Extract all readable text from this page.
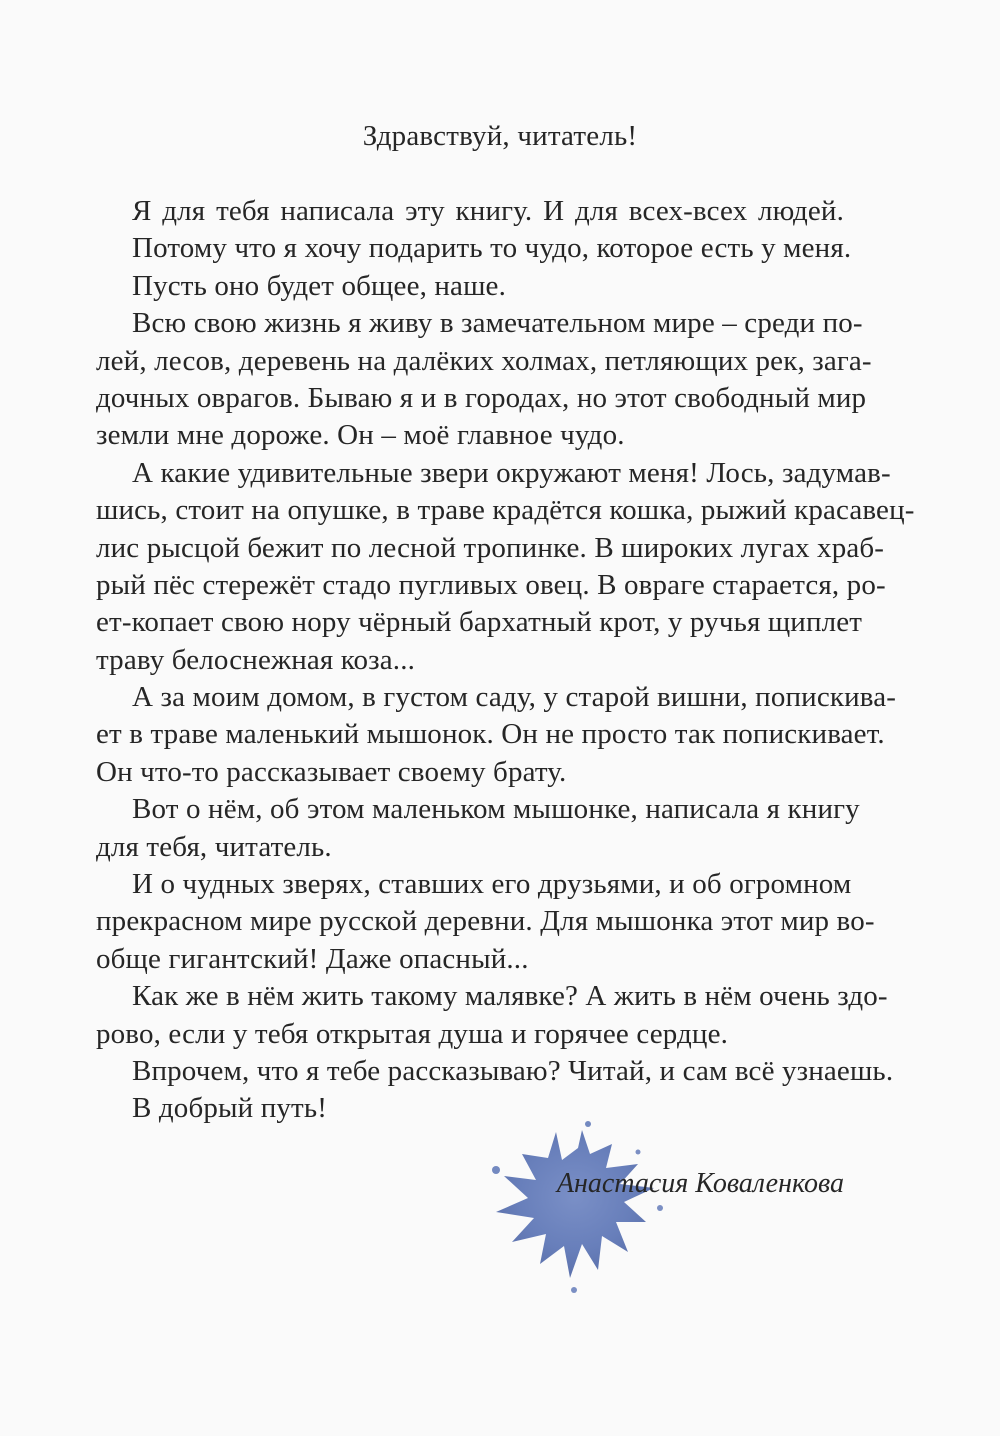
Здравствуй, читатель!
Я для тебя написала эту книгу. И для всех-всех людей.
Потому что я хочу подарить то чудо, которое есть у меня.
Пусть оно будет общее, наше.
Всю свою жизнь я живу в замечательном мире – среди по-
лей, лесов, деревень на далёких холмах, петляющих рек, зага-
дочных оврагов. Бываю я и в городах, но этот свободный мир
земли мне дороже. Он – моё главное чудо.
А какие удивительные звери окружают меня! Лось, задумав-
шись, стоит на опушке, в траве крадётся кошка, рыжий красавец-
лис рысцой бежит по лесной тропинке. В широких лугах храб-
рый пёс стережёт стадо пугливых овец. В овраге старается, ро-
ет-копает свою нору чёрный бархатный крот, у ручья щиплет
траву белоснежная коза...
А за моим домом, в густом саду, у старой вишни, попискива-
ет в траве маленький мышонок. Он не просто так попискивает.
Он что-то рассказывает своему брату.
Вот о нём, об этом маленьком мышонке, написала я книгу
для тебя, читатель.
И о чудных зверях, ставших его друзьями, и об огромном
прекрасном мире русской деревни. Для мышонка этот мир во-
обще гигантский! Даже опасный...
Как же в нём жить такому малявке? А жить в нём очень здо-
рово, если у тебя открытая душа и горячее сердце.
Впрочем, что я тебе рассказываю? Читай, и сам всё узнаешь.
В добрый путь!
Анастасия Коваленкова
